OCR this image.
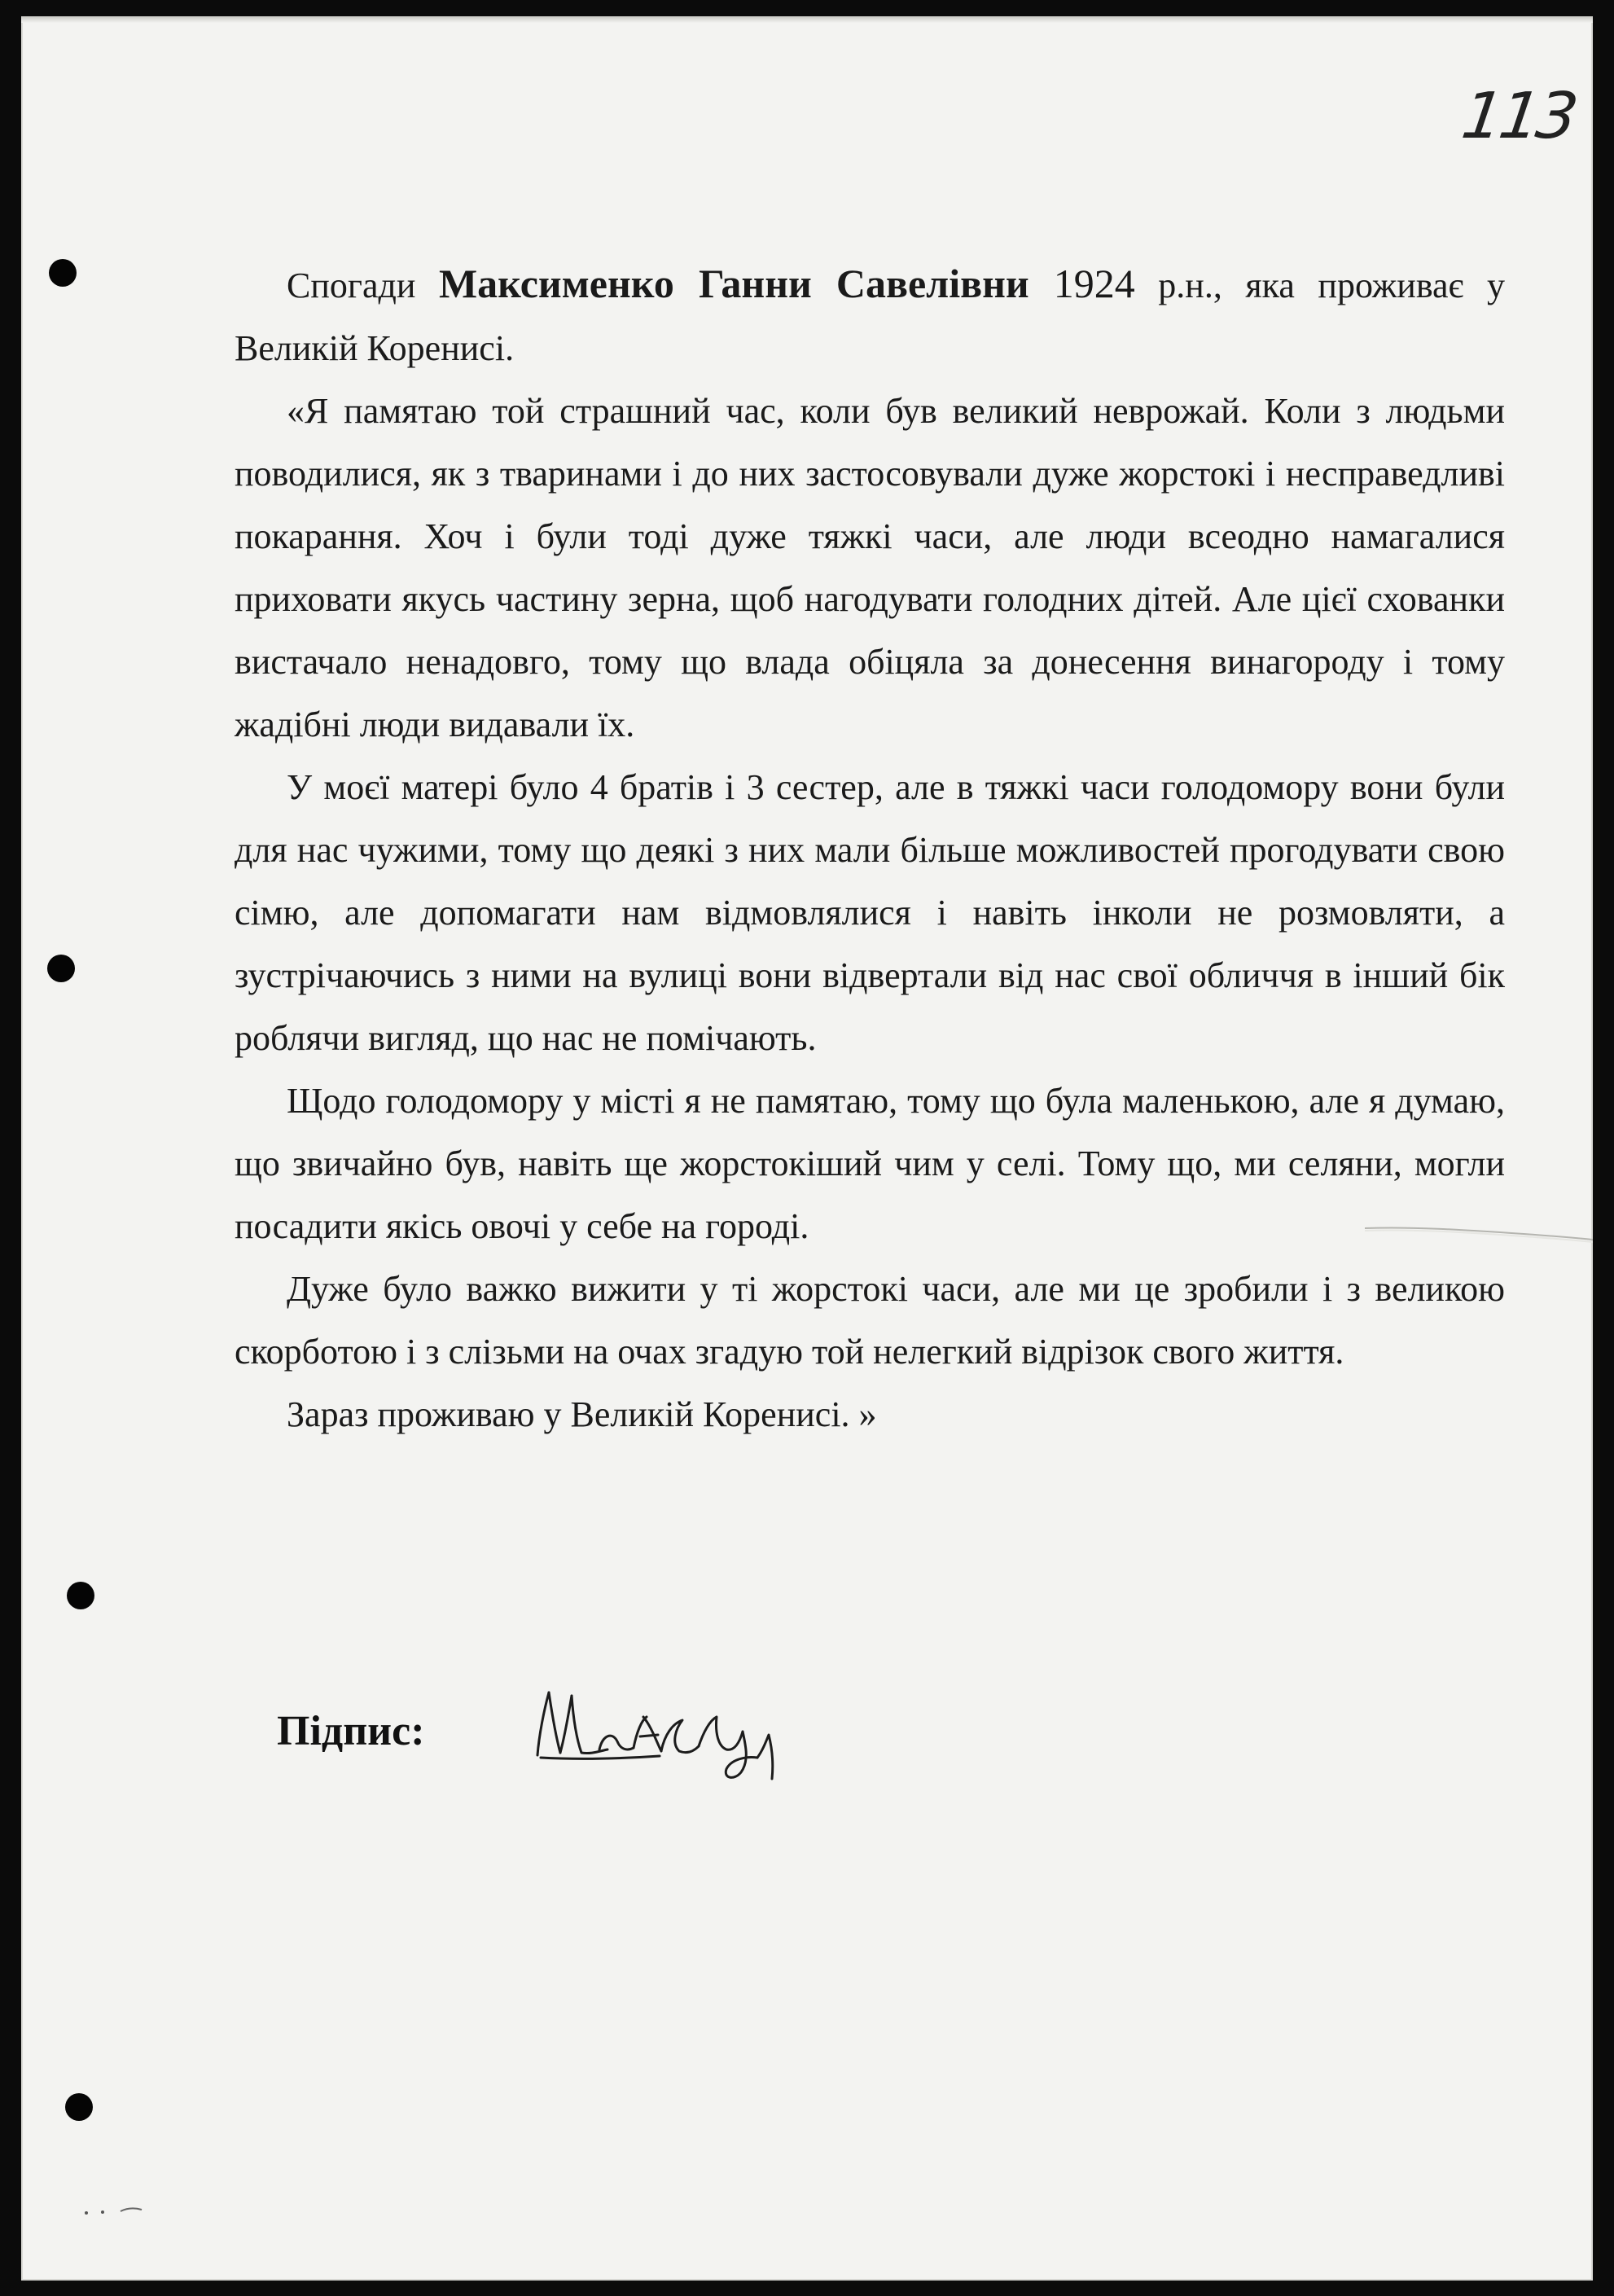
113

Спогади Максименко Ганни Савелівни 1924 р.н., яка проживає у Великій Коренисі.

«Я памятаю той страшний час, коли був великий неврожай. Коли з людьми поводилися, як з тваринами і до них застосовували дуже жорстокі і несправедливі покарання. Хоч і були тоді дуже тяжкі часи, але люди всеодно намагалися приховати якусь частину зерна, щоб нагодувати голодних дітей. Але цієї схованки вистачало ненадовго, тому що влада обіцяла за донесення винагороду і тому жадібні люди видавали їх.

У моєї матері було 4 братів і 3 сестер, але в тяжкі часи голодомору вони були для нас чужими, тому що деякі з них мали більше можливостей прогодувати свою сімю, але допомагати нам відмовлялися і навіть інколи не розмовляти, а зустрічаючись з ними на вулиці вони відвертали від нас свої обличчя в інший бік роблячи вигляд, що нас не помічають.

Щодо голодомору у місті я не памятаю, тому що була маленькою, але я думаю, що звичайно був, навіть ще жорстокіший чим у селі. Тому що, ми селяни, могли посадити якісь овочі у себе на городі.

Дуже було важко вижити у ті жорстокі часи, але ми це зробили і з великою скорботою і з слізьми на очах згадую той нелегкий відрізок свого життя.

Зараз проживаю у Великій Коренисі. »

Підпис:
